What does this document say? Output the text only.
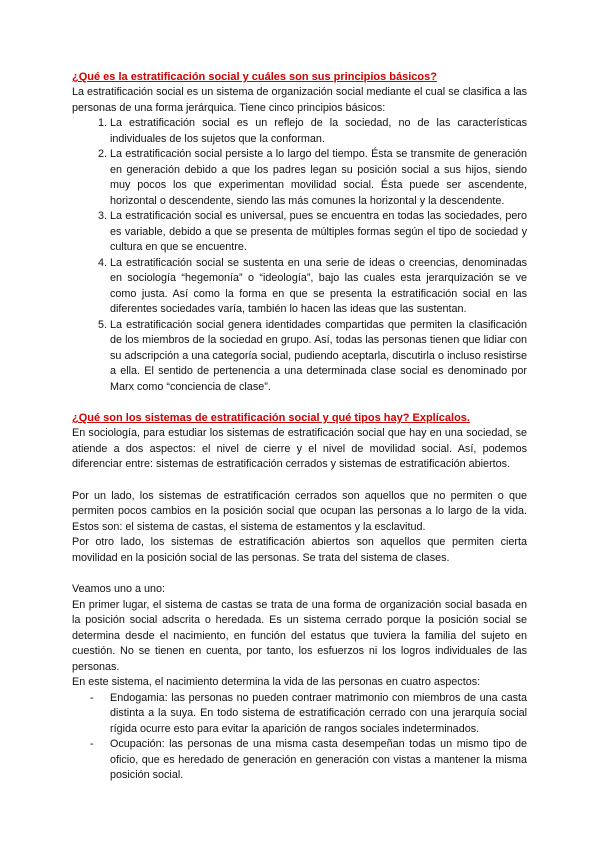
¿Qué es la estratificación social y cuáles son sus principios básicos?

La estratificación social es un sistema de organización social mediante el cual se clasifica a las personas de una forma jerárquica. Tiene cinco principios básicos:

1. La estratificación social es un reflejo de la sociedad, no de las características individuales de los sujetos que la conforman.
2. La estratificación social persiste a lo largo del tiempo. Ésta se transmite de generación en generación debido a que los padres legan su posición social a sus hijos, siendo muy pocos los que experimentan movilidad social. Ésta puede ser ascendente, horizontal o descendente, siendo las más comunes la horizontal y la descendente.
3. La estratificación social es universal, pues se encuentra en todas las sociedades, pero es variable, debido a que se presenta de múltiples formas según el tipo de sociedad y cultura en que se encuentre.
4. La estratificación social se sustenta en una serie de ideas o creencias, denominadas en sociología “hegemonía” o “ideología”, bajo las cuales esta jerarquización se ve como justa. Así como la forma en que se presenta la estratificación social en las diferentes sociedades varía, también lo hacen las ideas que las sustentan.
5. La estratificación social genera identidades compartidas que permiten la clasificación de los miembros de la sociedad en grupo. Así, todas las personas tienen que lidiar con su adscripción a una categoría social, pudiendo aceptarla, discutirla o incluso resistirse a ella. El sentido de pertenencia a una determinada clase social es denominado por Marx como “conciencia de clase”.
¿Qué son los sistemas de estratificación social y qué tipos hay? Explícalos.

En sociología, para estudiar los sistemas de estratificación social que hay en una sociedad, se atiende a dos aspectos: el nivel de cierre y el nivel de movilidad social. Así, podemos diferenciar entre: sistemas de estratificación cerrados y sistemas de estratificación abiertos.

Por un lado, los sistemas de estratificación cerrados son aquellos que no permiten o que permiten pocos cambios en la posición social que ocupan las personas a lo largo de la vida. Estos son: el sistema de castas, el sistema de estamentos y la esclavitud.

Por otro lado, los sistemas de estratificación abiertos son aquellos que permiten cierta movilidad en la posición social de las personas. Se trata del sistema de clases.

Veamos uno a uno:

En primer lugar, el sistema de castas se trata de una forma de organización social basada en la posición social adscrita o heredada. Es un sistema cerrado porque la posición social se determina desde el nacimiento, en función del estatus que tuviera la familia del sujeto en cuestión. No se tienen en cuenta, por tanto, los esfuerzos ni los logros individuales de las personas.

En este sistema, el nacimiento determina la vida de las personas en cuatro aspectos:

- Endogamia: las personas no pueden contraer matrimonio con miembros de una casta distinta a la suya. En todo sistema de estratificación cerrado con una jerarquía social rígida ocurre esto para evitar la aparición de rangos sociales indeterminados.
- Ocupación: las personas de una misma casta desempeñan todas un mismo tipo de oficio, que es heredado de generación en generación con vistas a mantener la misma posición social.
